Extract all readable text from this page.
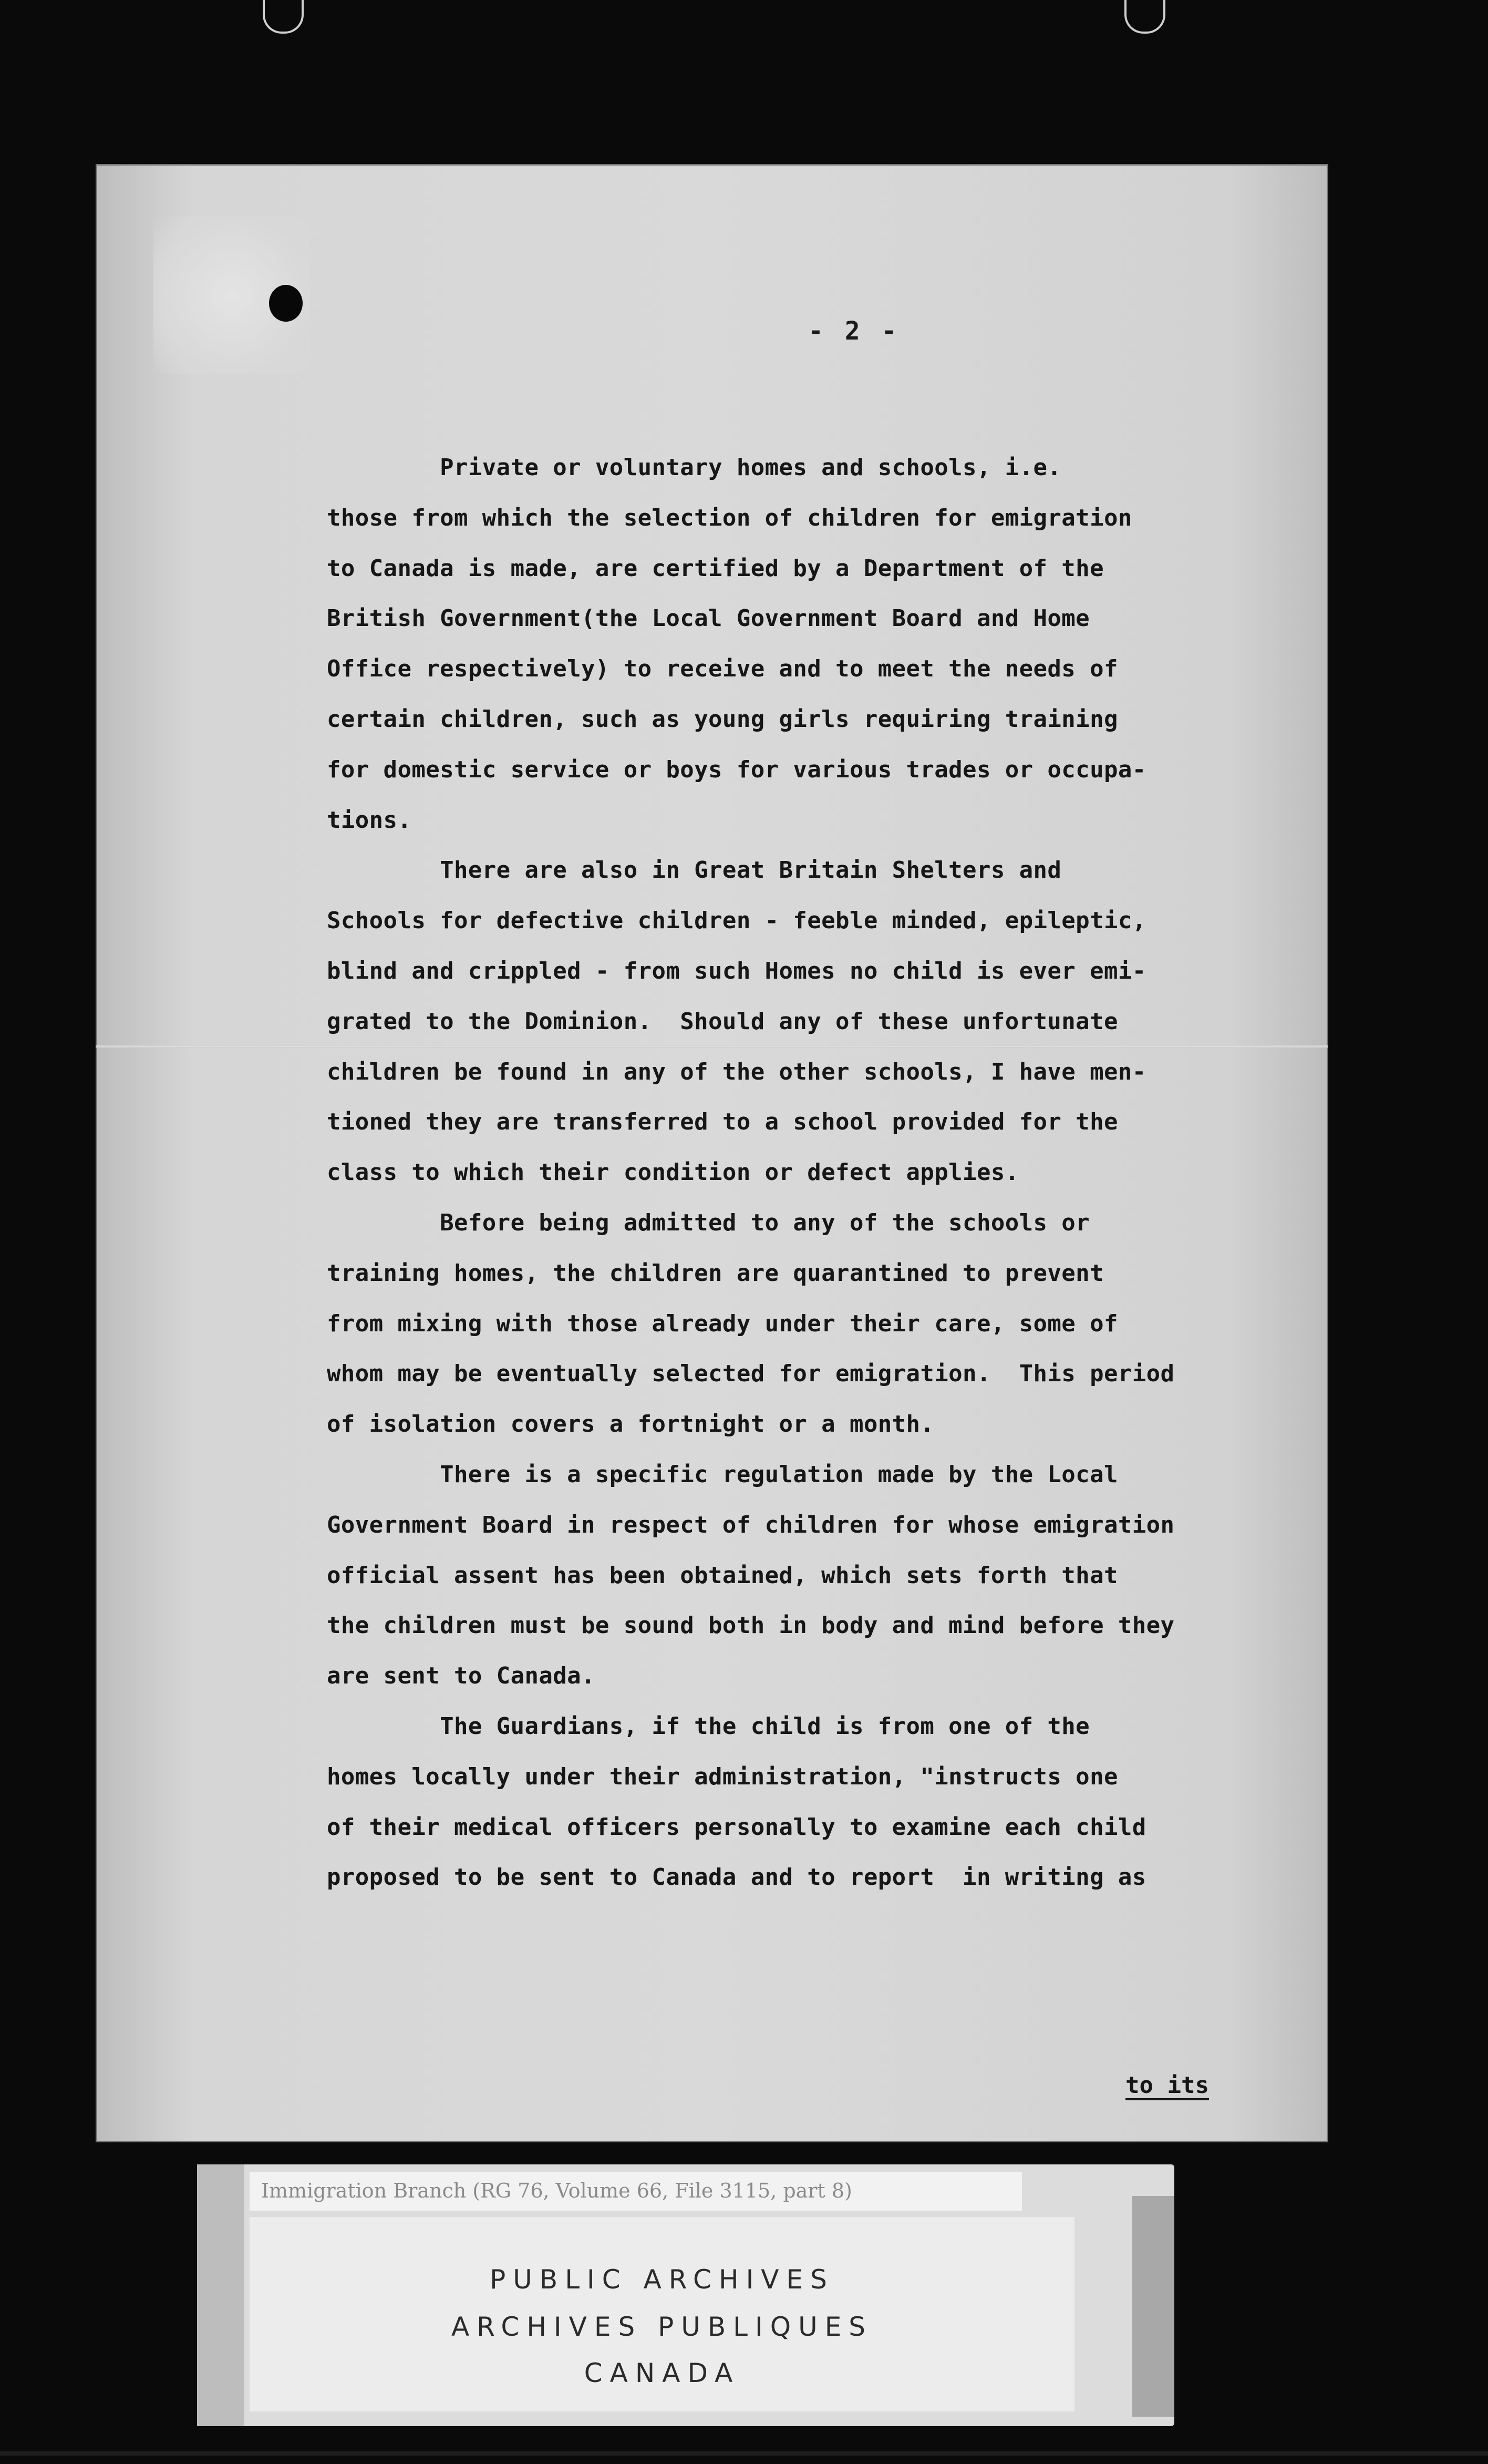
- 2 -
Private or voluntary homes and schools, i.e.
those from which the selection of children for emigration
to Canada is made, are certified by a Department of the
British Government(the Local Government Board and Home
Office respectively) to receive and to meet the needs of
certain children, such as young girls requiring training
for domestic service or boys for various trades or occupa-
tions.
There are also in Great Britain Shelters and
Schools for defective children - feeble minded, epileptic,
blind and crippled - from such Homes no child is ever emi-
grated to the Dominion.  Should any of these unfortunate
children be found in any of the other schools, I have men-
tioned they are transferred to a school provided for the
class to which their condition or defect applies.
Before being admitted to any of the schools or
training homes, the children are quarantined to prevent
from mixing with those already under their care, some of
whom may be eventually selected for emigration.  This period
of isolation covers a fortnight or a month.
There is a specific regulation made by the Local
Government Board in respect of children for whose emigration
official assent has been obtained, which sets forth that
the children must be sound both in body and mind before they
are sent to Canada.
The Guardians, if the child is from one of the
homes locally under their administration, "instructs one
of their medical officers personally to examine each child
proposed to be sent to Canada and to report  in writing as
to its
Immigration Branch (RG 76, Volume 66, File 3115, part 8)
PUBLIC ARCHIVES
ARCHIVES PUBLIQUES
CANADA
